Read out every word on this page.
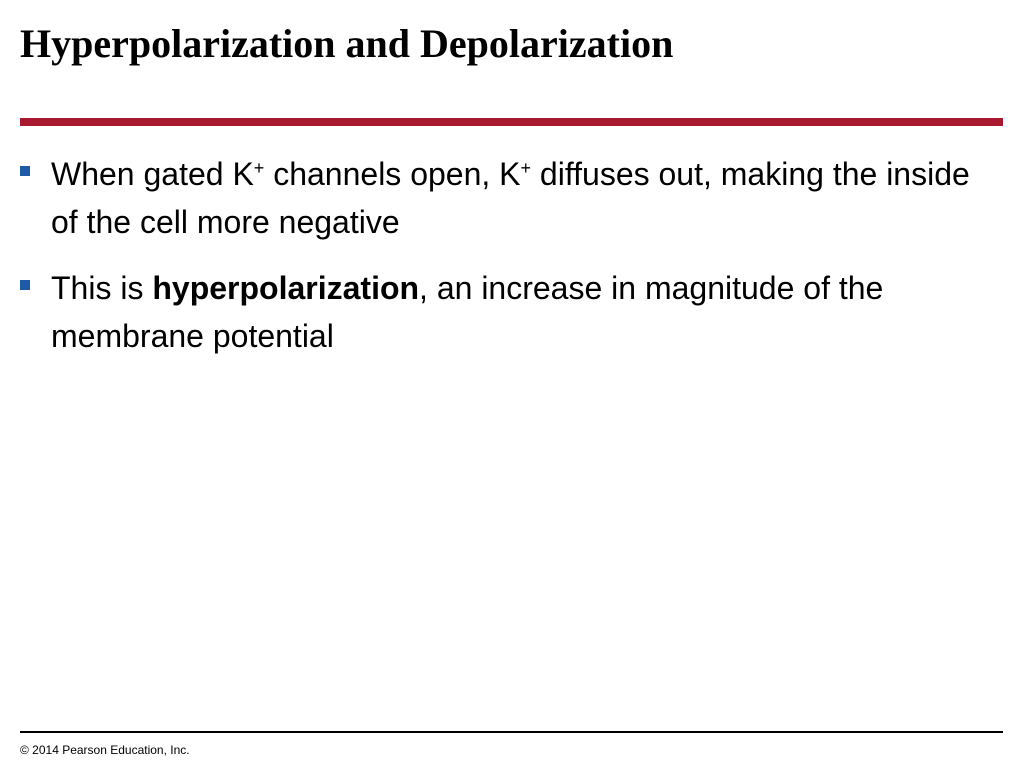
Hyperpolarization and Depolarization
When gated K+ channels open, K+ diffuses out, making the inside of the cell more negative
This is hyperpolarization, an increase in magnitude of the membrane potential
© 2014 Pearson Education, Inc.
